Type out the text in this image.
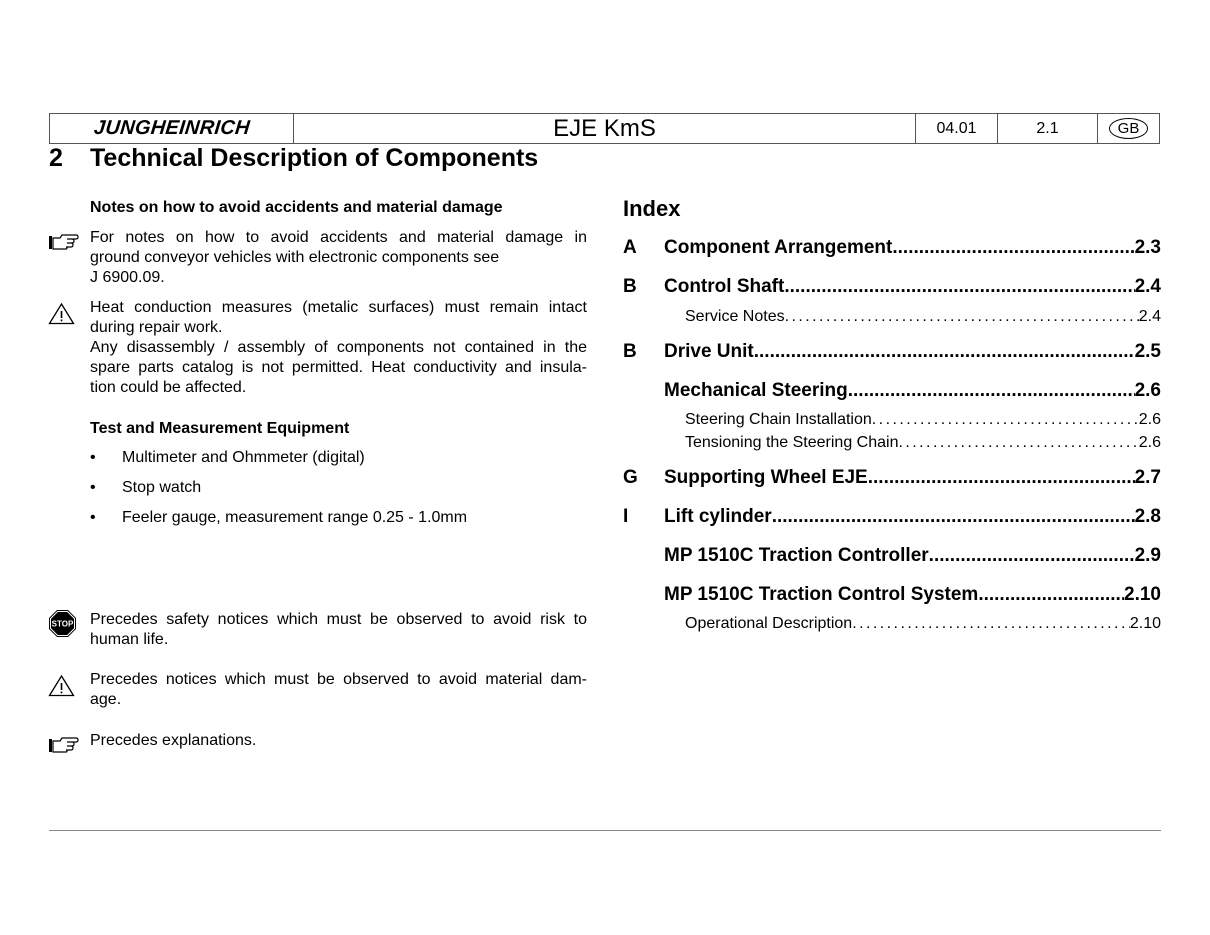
JUNGHEINRICH	EJE KmS	04.01	2.1	GB
2 Technical Description of Components
Notes on how to avoid accidents and material damage
For notes on how to avoid accidents and material damage in
ground conveyor vehicles with electronic components see
J 6900.09.
Heat conduction measures (metalic surfaces) must remain intact
during repair work.
Any disassembly / assembly of components not contained in the
spare parts catalog is not permitted. Heat conductivity and insula-
tion could be affected.
Test and Measurement Equipment
• Multimeter and Ohmmeter (digital)
• Stop watch
• Feeler gauge, measurement range 0.25 - 1.0mm
STOP Precedes safety notices which must be observed to avoid risk to
human life.
Precedes notices which must be observed to avoid material dam-
age.
Precedes explanations.
Index
A Component Arrangement .....	2.3
B Control Shaft .....	2.4
Service Notes . . .	2.4
B Drive Unit .....	2.5
Mechanical Steering .....	2.6
Steering Chain Installation . . .	2.6
Tensioning the Steering Chain . . .	2.6
G Supporting Wheel EJE .....	2.7
I Lift cylinder .....	2.8
MP 1510C Traction Controller .....	2.9
MP 1510C Traction Control System .....	2.10
Operational Description . . .	2.10
